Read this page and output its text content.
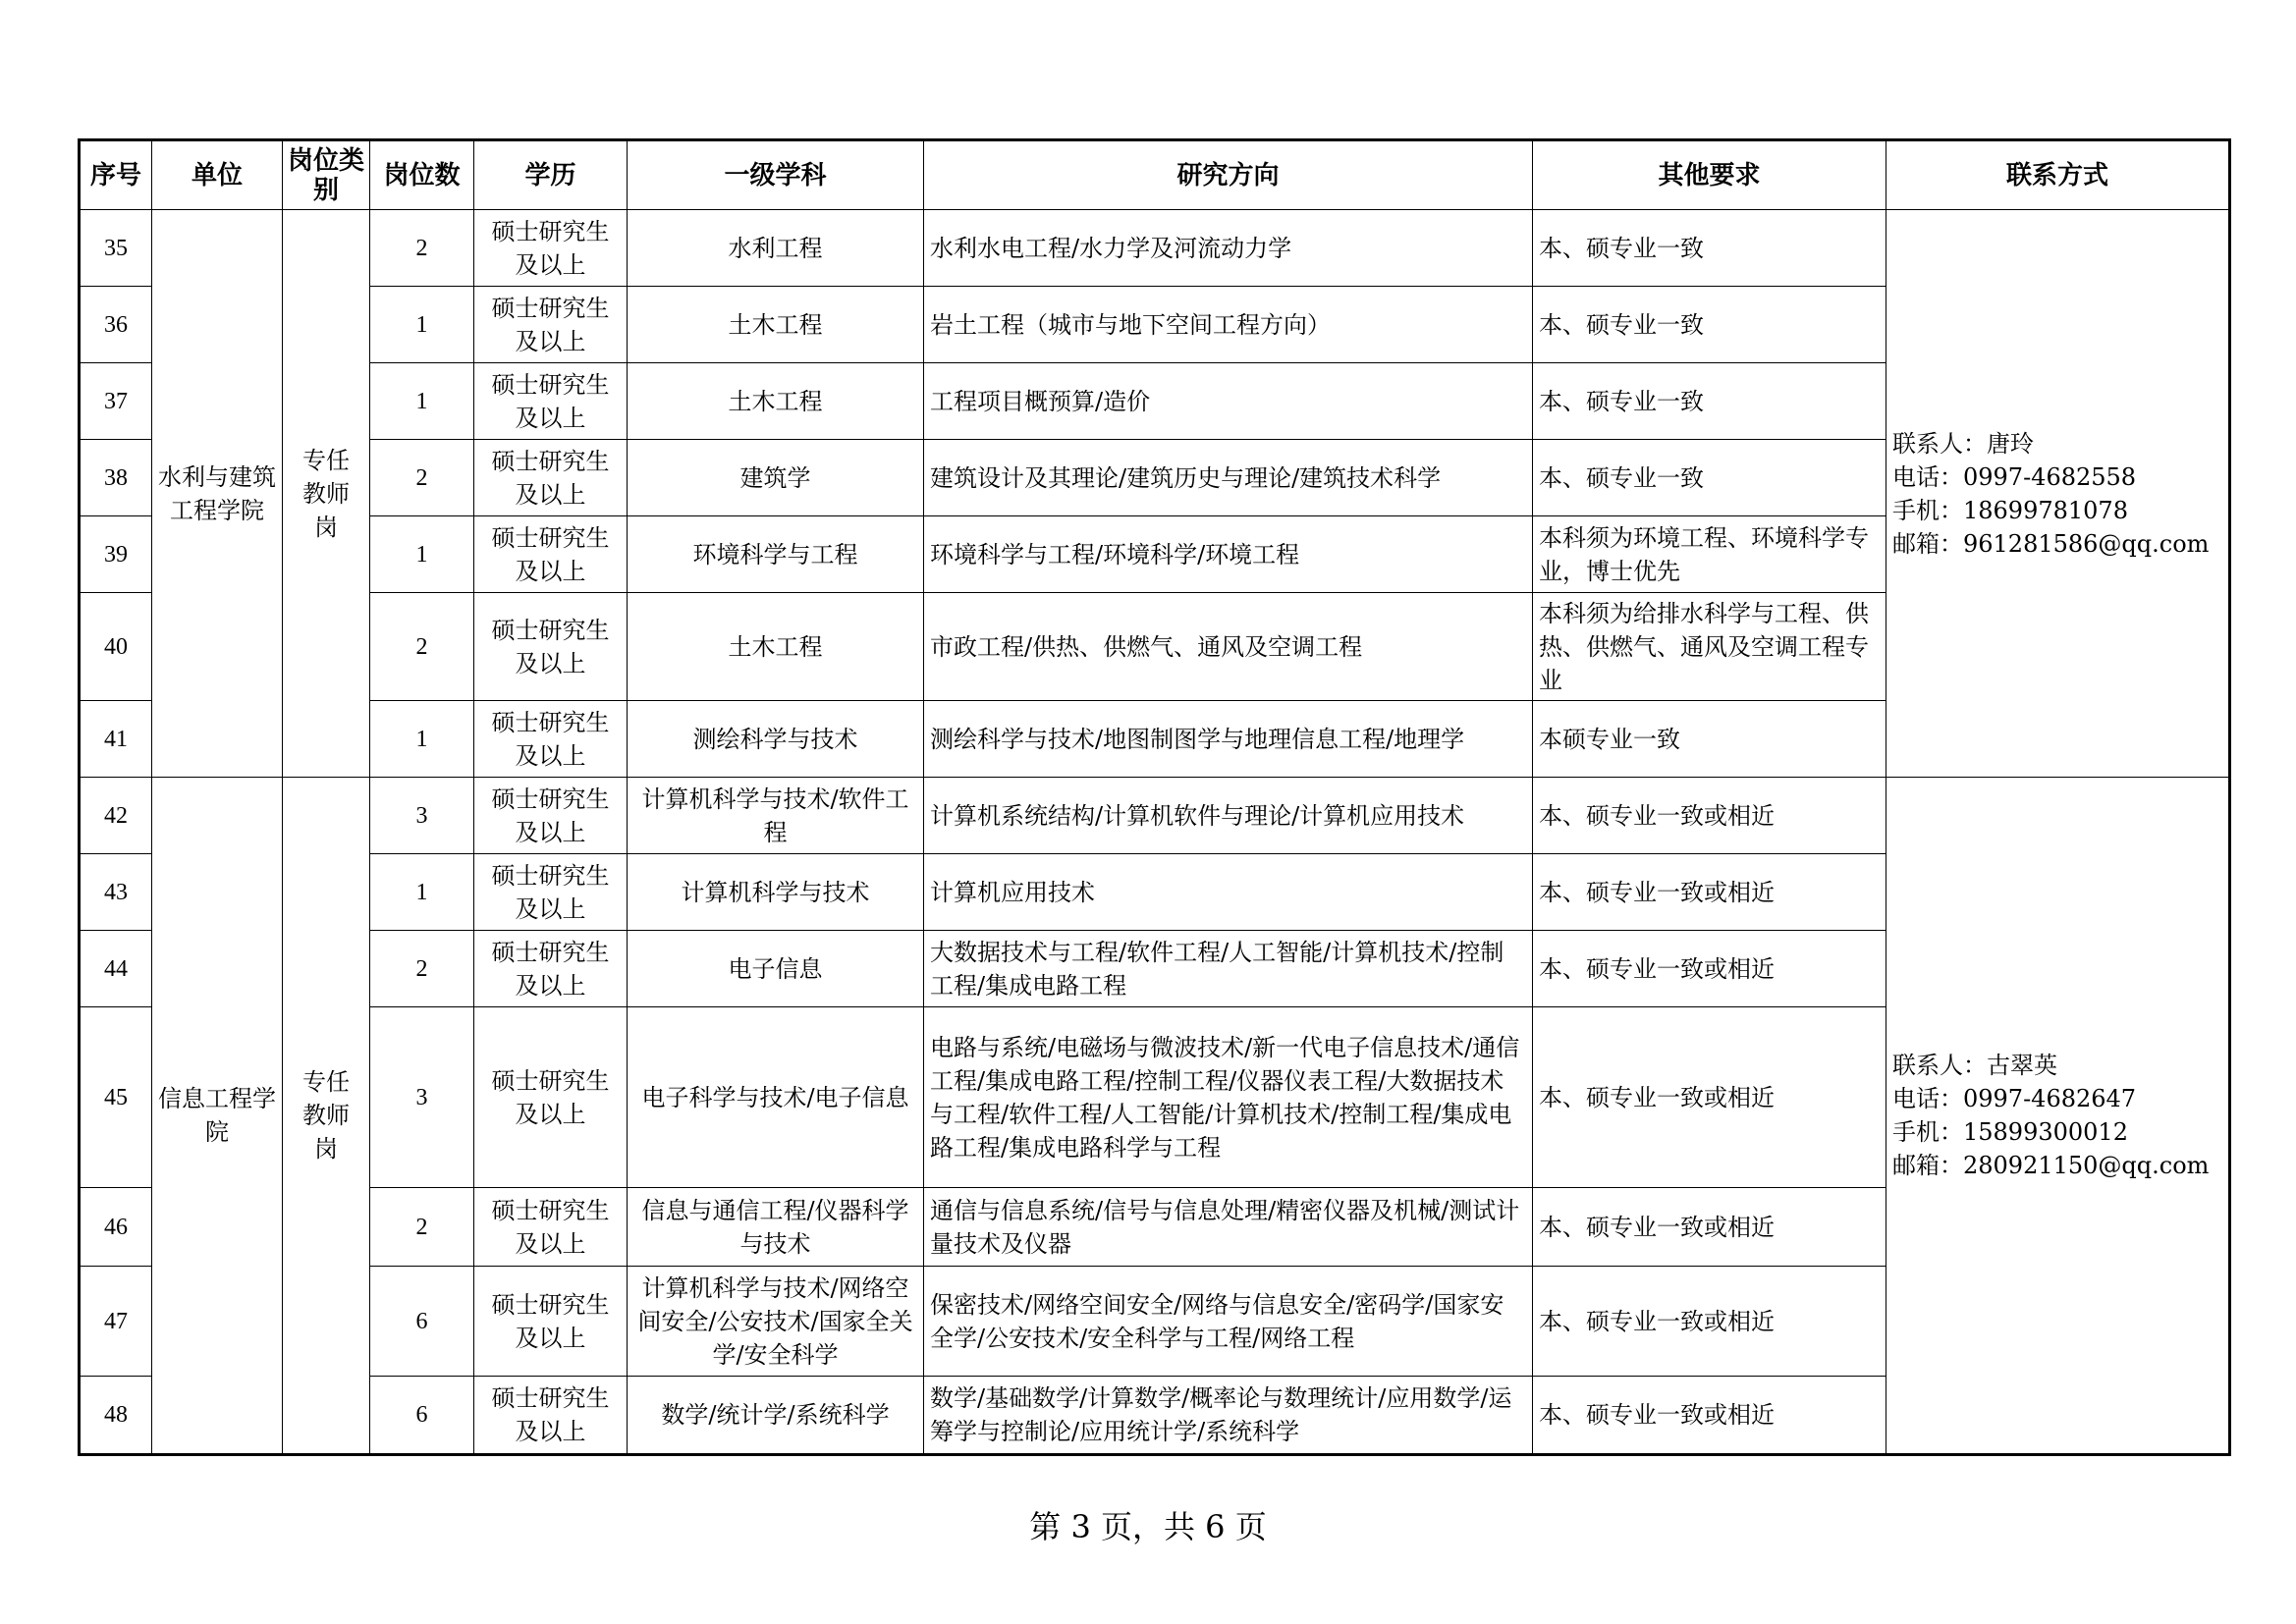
序号	单位	岗位类别	岗位数	学历	一级学科	研究方向	其他要求	联系方式
35	水利与建筑工程学院	专任教师岗	2	硕士研究生及以上	水利工程	水利水电工程/水力学及河流动力学	本、硕专业一致	联系人：唐玲
电话：0997-4682558
手机：18699781078
邮箱：961281586@qq.com
36			1	硕士研究生及以上	土木工程	岩土工程（城市与地下空间工程方向）	本、硕专业一致	
37			1	硕士研究生及以上	土木工程	工程项目概预算/造价	本、硕专业一致	
38			2	硕士研究生及以上	建筑学	建筑设计及其理论/建筑历史与理论/建筑技术科学	本、硕专业一致	
39			1	硕士研究生及以上	环境科学与工程	环境科学与工程/环境科学/环境工程	本科须为环境工程、环境科学专业，博士优先	
40			2	硕士研究生及以上	土木工程	市政工程/供热、供燃气、通风及空调工程	本科须为给排水科学与工程、供热、供燃气、通风及空调工程专业	
41			1	硕士研究生及以上	测绘科学与技术	测绘科学与技术/地图制图学与地理信息工程/地理学	本硕专业一致	
42	信息工程学院	专任教师岗	3	硕士研究生及以上	计算机科学与技术/软件工程	计算机系统结构/计算机软件与理论/计算机应用技术	本、硕专业一致或相近	联系人：古翠英
电话：0997-4682647
手机：15899300012
邮箱：280921150@qq.com
43			1	硕士研究生及以上	计算机科学与技术	计算机应用技术	本、硕专业一致或相近	
44			2	硕士研究生及以上	电子信息	大数据技术与工程/软件工程/人工智能/计算机技术/控制工程/集成电路工程	本、硕专业一致或相近	
45			3	硕士研究生及以上	电子科学与技术/电子信息	电路与系统/电磁场与微波技术/新一代电子信息技术/通信工程/集成电路工程/控制工程/仪器仪表工程/大数据技术与工程/软件工程/人工智能/计算机技术/控制工程/集成电路工程/集成电路科学与工程	本、硕专业一致或相近	
46			2	硕士研究生及以上	信息与通信工程/仪器科学与技术	通信与信息系统/信号与信息处理/精密仪器及机械/测试计量技术及仪器	本、硕专业一致或相近	
47			6	硕士研究生及以上	计算机科学与技术/网络空间安全/公安技术/国家全关学/安全科学	保密技术/网络空间安全/网络与信息安全/密码学/国家安全学/公安技术/安全科学与工程/网络工程	本、硕专业一致或相近	
48			6	硕士研究生及以上	数学/统计学/系统科学	数学/基础数学/计算数学/概率论与数理统计/应用数学/运筹学与控制论/应用统计学/系统科学	本、硕专业一致或相近	
第 3 页，共 6 页
